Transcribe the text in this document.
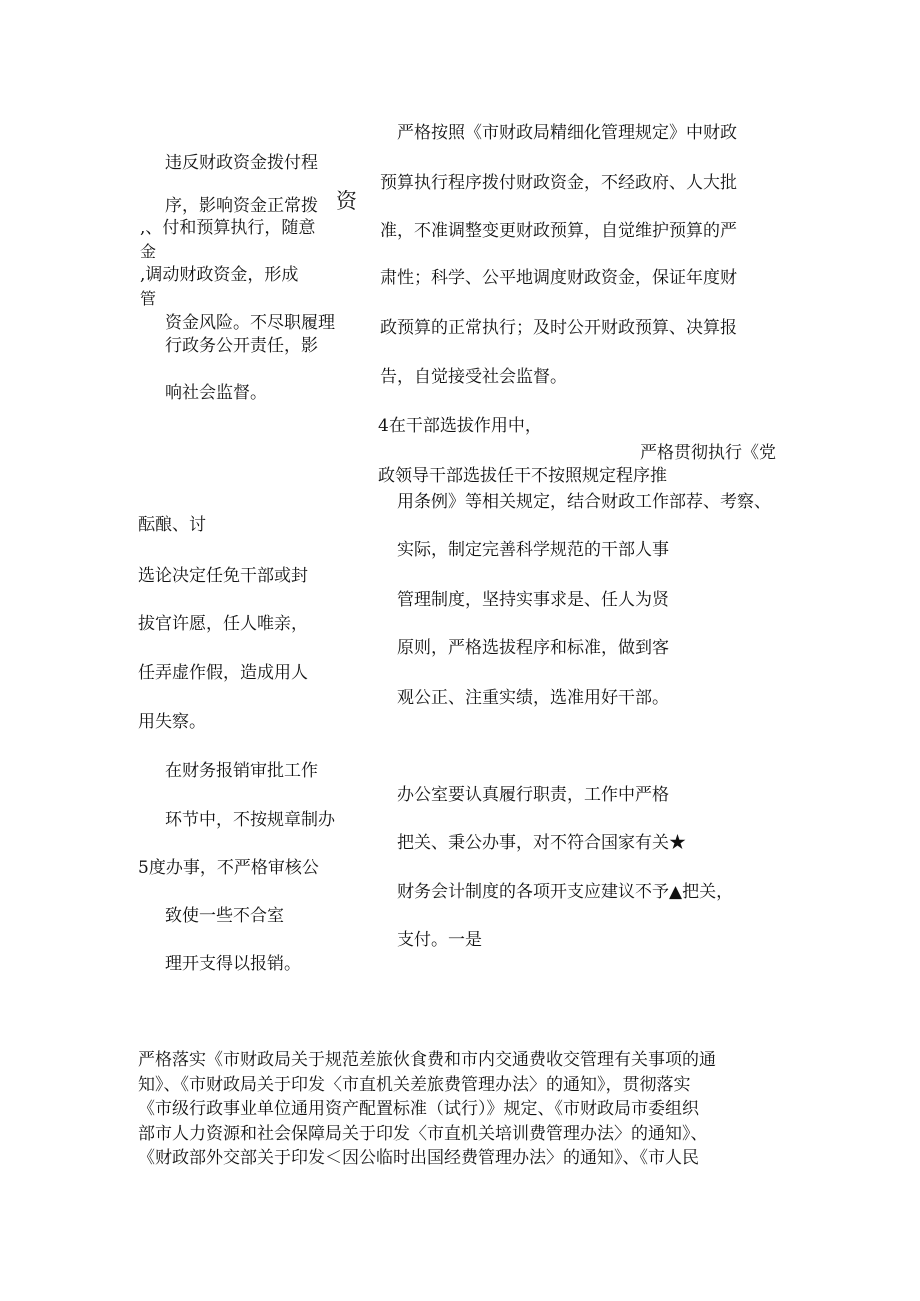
违反财政资金拨付程
序，影响资金正常拨 资
,、付和预算执行，随意
金
,调动财政资金，形成
管
资金风险。不尽职履理
行政务公开责任，影
响社会监督。
酝酿、讨
选论决定任免干部或封
拔官许愿，任人唯亲，
任弄虚作假，造成用人
用失察。
在财务报销审批工作
环节中，不按规章制办
5度办事，不严格审核公
致使一些不合室
理开支得以报销。
严格按照《市财政局精细化管理规定》中财政
预算执行程序拨付财政资金，不经政府、人大批
准，不准调整变更财政预算，自觉维护预算的严
肃性；科学、公平地调度财政资金，保证年度财
政预算的正常执行；及时公开财政预算、决算报
告，自觉接受社会监督。
4在干部选拔作用中，
严格贯彻执行《党
政领导干部选拔任干不按照规定程序推
用条例》等相关规定，结合财政工作部荐、考察、
实际，制定完善科学规范的干部人事
管理制度，坚持实事求是、任人为贤
原则，严格选拔程序和标准，做到客
观公正、注重实绩，选准用好干部。
办公室要认真履行职责，工作中严格
把关、秉公办事，对不符合国家有关★
财务会计制度的各项开支应建议不予▲把关，
支付。一是
严格落实《市财政局关于规范差旅伙食费和市内交通费收交管理有关事项的通
知》、《市财政局关于印发〈市直机关差旅费管理办法〉的通知》，贯彻落实
《市级行政事业单位通用资产配置标准（试行）》规定、《市财政局市委组织
部市人力资源和社会保障局关于印发〈市直机关培训费管理办法〉的通知》、
《财政部外交部关于印发＜因公临时出国经费管理办法〉的通知》、《市人民
